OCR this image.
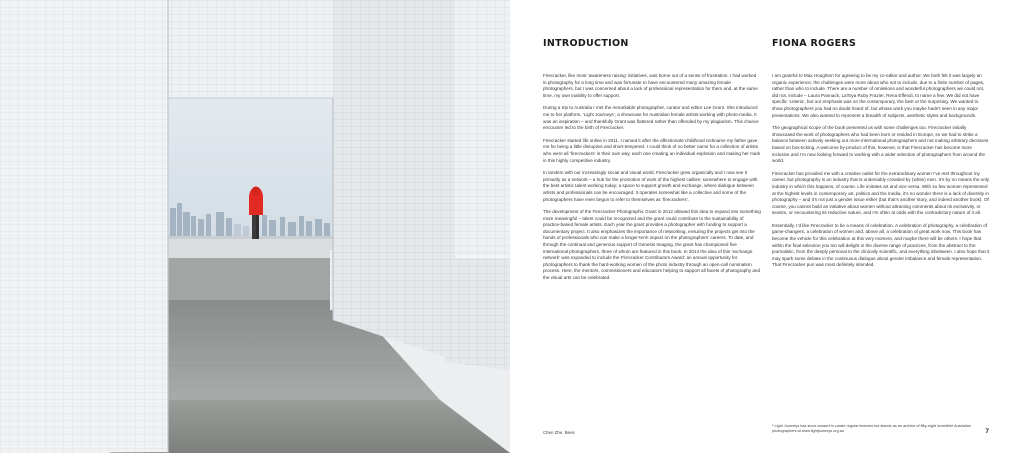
INTRODUCTION

Firecracker, like most ‘awareness raising’ initiatives, was borne out of a sense of frustration. I had worked in photography for a long time and was fortunate to have encountered many amazing female photographers, but I was concerned about a lack of professional representation for them and, at the same time, my own inability to offer support.

During a trip to Australia I met the remarkable photographer, curator and editor Lee Grant. She introduced me to her platform, ‘Light Journeys’, a showcase for Australian female artists working with photo-media. It was an inspiration – and thankfully Grant was flattered rather than offended by my plagiarism. This chance encounter led to the birth of Firecracker.

Firecracker started life online in 2011. I named it after the affectionate childhood nickname my father gave me for being a little disruptive and short-tempered. I could think of no better name for a collection of artists who were all ‘firecrackers’ in their own way, each one creating an individual explosion and making her mark in this highly competitive industry.

In tandem with our increasingly social and visual world, Firecracker grew organically and I now see it primarily as a network – a hub for the promotion of work of the highest calibre; somewhere to engage with the best artistic talent working today; a space to support growth and exchange, where dialogue between artists and professionals can be encouraged. It operates somewhat like a collective and some of the photographers have even begun to refer to themselves as ‘firecrackers’.

The development of the Firecracker Photographic Grant in 2012 allowed this idea to expand into something more meaningful – talent could be recognized and the grant could contribute to the sustainability of practice-based female artists. Each year the grant provides a photographer with funding to support a documentary project. It also emphasizes the importance of networking, ensuring the projects get into the hands of professionals who can make a longer-term impact on the photographers’ careers. To date, and through the continual and generous support of Genesis Imaging, the grant has championed five international photographers, three of whom are featured in this book. In 2014 the idea of this ‘exchange network’ was expanded to include the Firecracker Contributors Award: an annual opportunity for photographers to thank the hard-working women of the photo industry through an open-call nomination process. Here, the mentors, commissioners and educators helping to support all facets of photography and the visual arts can be celebrated.

FIONA ROGERS

I am grateful to Max Houghton for agreeing to be my co-editor and author. We both felt it was largely an organic experience; the challenges were more about who not to include, due to a finite number of pages, rather than who to include. There are a number of omissions and wonderful photographers we could not, did not, include – Laura Pannack, LaToya Ruby Frazier, Rena Effendi, to name a few. We did not have specific ‘criteria’, but our emphasis was on the contemporary, the best or the surprising. We wanted to show photographers you had no doubt heard of, but whose work you maybe hadn’t seen in any major presentations. We also wanted to represent a breadth of subjects, aesthetic styles and backgrounds.

The geographical scope of the book presented us with some challenges too. Firecracker initially showcased the work of photographers who had been born or resided in Europe, so we had to strike a balance between actively seeking out more international photographers and not making arbitrary decisions based on box-ticking. A welcome by-product of this, however, is that Firecracker has become more inclusive and I’m now looking forward to working with a wider selection of photographers from around the world.

Firecracker has provided me with a creative outlet for the extraordinary women I’ve met throughout my career, but photography is an industry that is undeniably crowded by (white) men. It’s by no means the only industry in which this happens, of course. Life imitates art and vice versa. With so few women represented at the highest levels in contemporary art, politics and the media, it’s no wonder there is a lack of diversity in photography – and it’s not just a gender issue either (but that’s another story, and indeed another book). Of course, you cannot build an initiative about women without attracting comments about its exclusivity, or sexism, or encountering its reductive nature, and I’m often at odds with the contradictory nature of it all.

Essentially, I’d like Firecracker to be a means of celebration. A celebration of photography, a celebration of game-changers, a celebration of women and, above all, a celebration of great work now. This book has become the vehicle for this celebration at this very moment, and maybe there will be others. I hope that within the final selection you too will delight in the diverse range of practices, from the abstract to the journalistic, from the deeply personal to the clinically scientific, and everything inbetween. I also hope that it may spark some debate in the continuous dialogue about gender imbalance and female representation. That Firecracker pun was most definitely intended.

Chen Zhe, Bees
* Light Journeys has since ceased to curate regular features but stands as an archive of fifty-eight incredible Australian photographers at www.lightjourneys.org.au	7
